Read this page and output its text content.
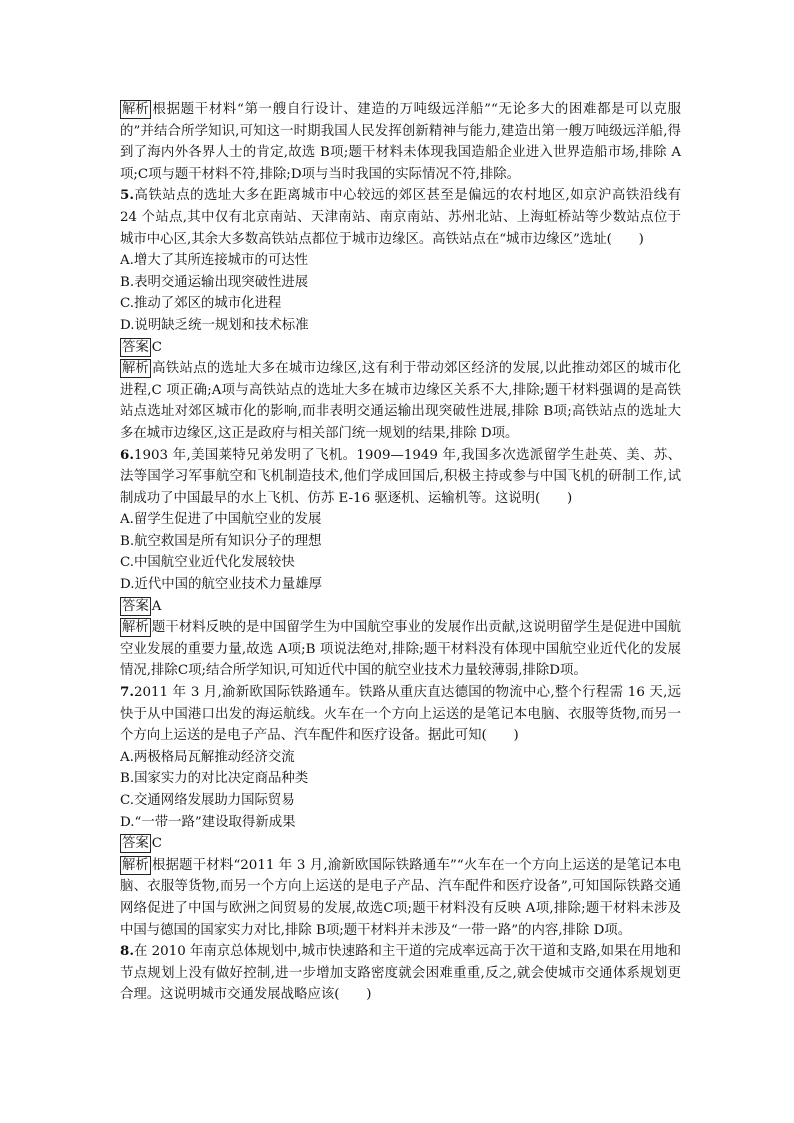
解析 根据题干材料“第一艘自行设计、建造的万吨级远洋船”“无论多大的困难都是可以克服的”并结合所学知识,可知这一时期我国人民发挥创新精神与能力,建造出第一艘万吨级远洋船,得到了海内外各界人士的肯定,故选 B项;题干材料未体现我国造船企业进入世界造船市场,排除 A项;C项与题干材料不符,排除;D项与当时我国的实际情况不符,排除。

5.高铁站点的选址大多在距离城市中心较远的郊区甚至是偏远的农村地区,如京沪高铁沿线有 24 个站点,其中仅有北京南站、天津南站、南京南站、苏州北站、上海虹桥站等少数站点位于城市中心区,其余大多数高铁站点都位于城市边缘区。高铁站点在“城市边缘区”选址(　　)

A.增大了其所连接城市的可达性

B.表明交通运输出现突破性进展

C.推动了郊区的城市化进程

D.说明缺乏统一规划和技术标准

答案 C

解析 高铁站点的选址大多在城市边缘区,这有利于带动郊区经济的发展,以此推动郊区的城市化进程,C 项正确;A项与高铁站点的选址大多在城市边缘区关系不大,排除;题干材料强调的是高铁站点选址对郊区城市化的影响,而非表明交通运输出现突破性进展,排除 B项;高铁站点的选址大多在城市边缘区,这正是政府与相关部门统一规划的结果,排除 D项。

6.1903 年,美国莱特兄弟发明了飞机。1909—1949 年,我国多次选派留学生赴英、美、苏、法等国学习军事航空和飞机制造技术,他们学成回国后,积极主持或参与中国飞机的研制工作,试制成功了中国最早的水上飞机、仿苏 E-16 驱逐机、运输机等。这说明(　　)

A.留学生促进了中国航空业的发展

B.航空救国是所有知识分子的理想

C.中国航空业近代化发展较快

D.近代中国的航空业技术力量雄厚

答案 A

解析 题干材料反映的是中国留学生为中国航空事业的发展作出贡献,这说明留学生是促进中国航空业发展的重要力量,故选 A项;B 项说法绝对,排除;题干材料没有体现中国航空业近代化的发展情况,排除C项;结合所学知识,可知近代中国的航空业技术力量较薄弱,排除D项。

7.2011 年 3 月,渝新欧国际铁路通车。铁路从重庆直达德国的物流中心,整个行程需 16 天,远快于从中国港口出发的海运航线。火车在一个方向上运送的是笔记本电脑、衣服等货物,而另一个方向上运送的是电子产品、汽车配件和医疗设备。据此可知(　　)

A.两极格局瓦解推动经济交流

B.国家实力的对比决定商品种类

C.交通网络发展助力国际贸易

D.“一带一路”建设取得新成果

答案 C

解析 根据题干材料“2011 年 3 月,渝新欧国际铁路通车”“火车在一个方向上运送的是笔记本电脑、衣服等货物,而另一个方向上运送的是电子产品、汽车配件和医疗设备”,可知国际铁路交通网络促进了中国与欧洲之间贸易的发展,故选C项;题干材料没有反映 A项,排除;题干材料未涉及中国与德国的国家实力对比,排除 B项;题干材料并未涉及“一带一路”的内容,排除 D项。

8.在 2010 年南京总体规划中,城市快速路和主干道的完成率远高于次干道和支路,如果在用地和节点规划上没有做好控制,进一步增加支路密度就会困难重重,反之,就会使城市交通体系规划更合理。这说明城市交通发展战略应该(　　)
